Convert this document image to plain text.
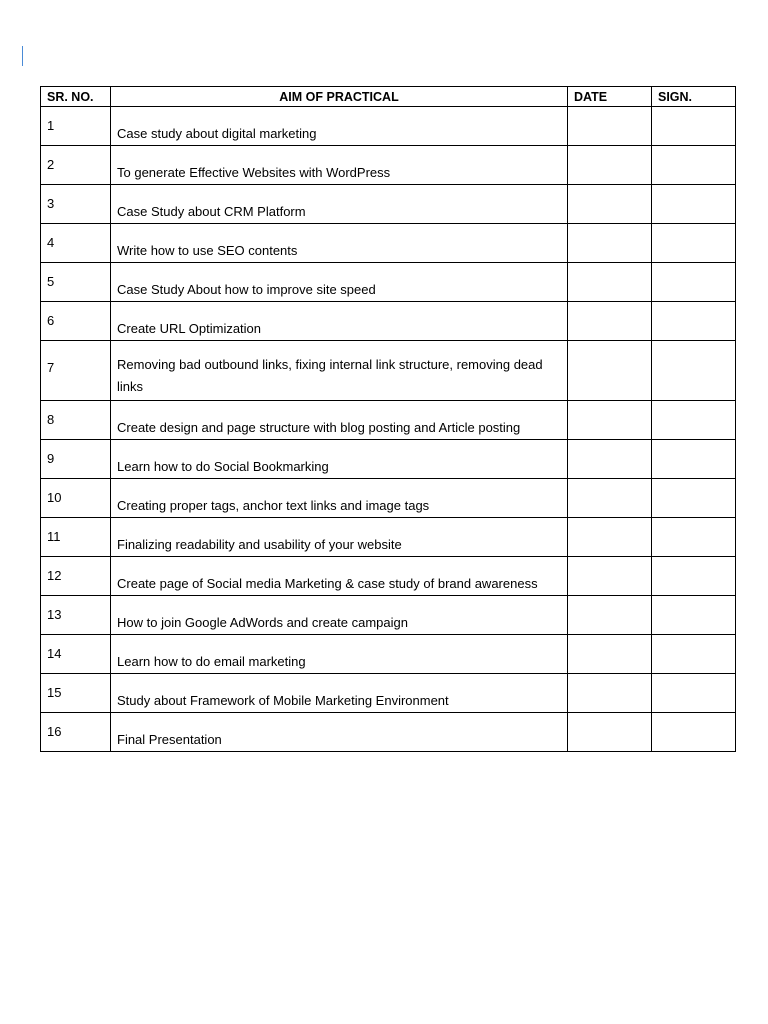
SR. NO.	AIM OF PRACTICAL	DATE	SIGN.
1	Case study about digital marketing		
2	To generate Effective Websites with WordPress		
3	Case Study about CRM Platform		
4	Write how to use SEO contents		
5	Case Study About how to improve site speed		
6	Create URL Optimization		
7	Removing bad outbound links, fixing internal link structure, removing dead links		
8	Create design and page structure with blog posting and Article posting		
9	Learn how to do Social Bookmarking		
10	Creating proper tags, anchor text links and image tags		
11	Finalizing readability and usability of your website		
12	Create page of Social media Marketing & case study of brand awareness		
13	How to join Google AdWords and create campaign		
14	Learn how to do email marketing		
15	Study about Framework of Mobile Marketing Environment		
16	Final Presentation		
